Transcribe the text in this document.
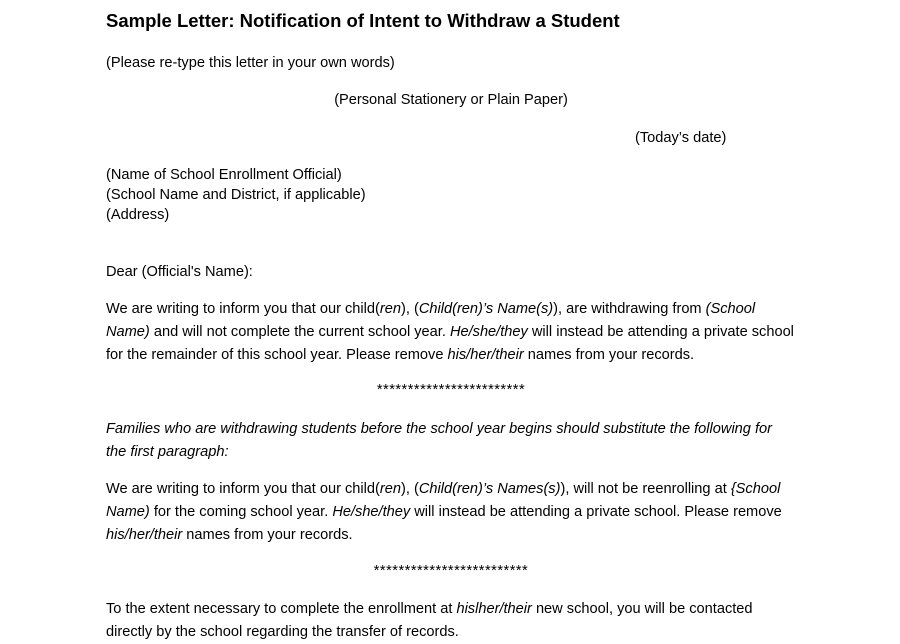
Sample Letter: Notification of Intent to Withdraw a Student
(Please re-type this letter in your own words)
(Personal Stationery or Plain Paper)
(Today’s date)
(Name of School Enrollment Official)
(School Name and District, if applicable)
(Address)
Dear (Official's Name):
We are writing to inform you that our child(ren), (Child(ren)’s Name(s)), are withdrawing from (School Name) and will not complete the current school year. He/she/they will instead be attending a private school for the remainder of this school year. Please remove his/her/their names from your records.
************************
Families who are withdrawing students before the school year begins should substitute the following for the first paragraph:
We are writing to inform you that our child(ren), (Child(ren)’s Names(s)), will not be reenrolling at {School Name) for the coming school year. He/she/they will instead be attending a private school. Please remove his/her/their names from your records.
*************************
To the extent necessary to complete the enrollment at hislher/their new school, you will be contacted directly by the school regarding the transfer of records.
